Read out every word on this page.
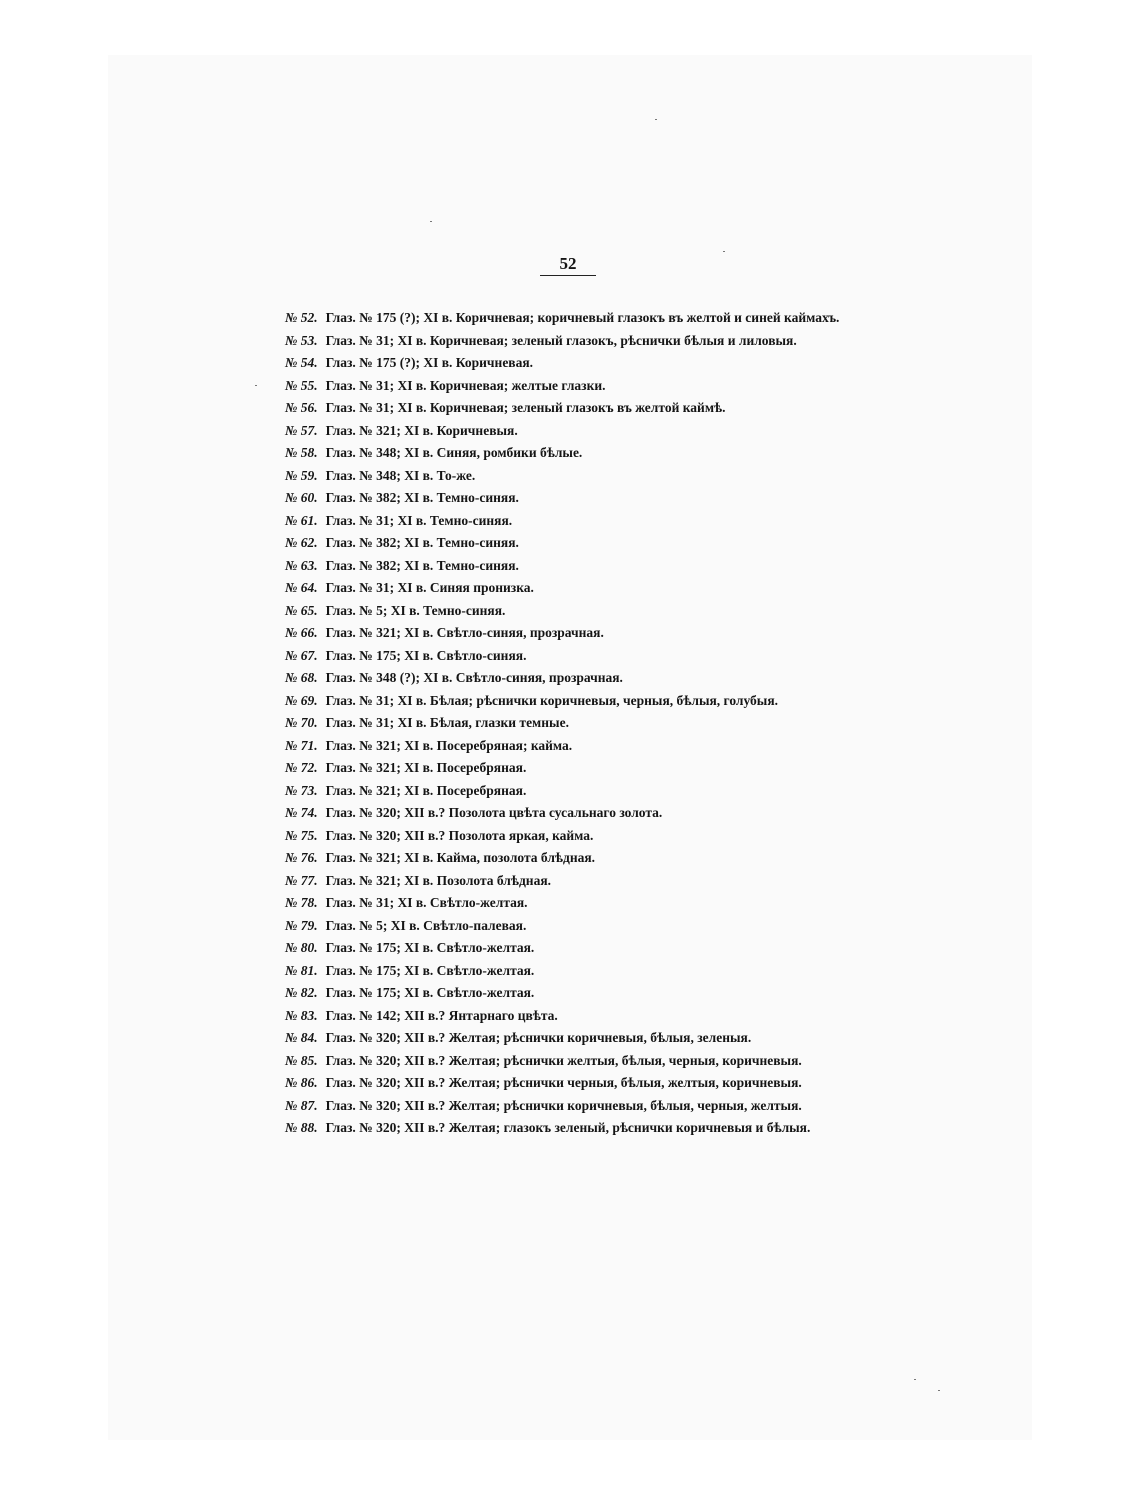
52
№ 52. Глаз. № 175 (?); XI в. Коричневая; коричневый глазокъ въ желтой и синей каймахъ.
№ 53. Глаз. № 31; XI в. Коричневая; зеленый глазокъ, рѣснички бѣлыя и лиловыя.
№ 54. Глаз. № 175 (?); XI в. Коричневая.
№ 55. Глаз. № 31; XI в. Коричневая; желтые глазки.
№ 56. Глаз. № 31; XI в. Коричневая; зеленый глазокъ въ желтой каймѣ.
№ 57. Глаз. № 321; XI в. Коричневыя.
№ 58. Глаз. № 348; XI в. Синяя, ромбики бѣлые.
№ 59. Глаз. № 348; XI в. То-же.
№ 60. Глаз. № 382; XI в. Темно-синяя.
№ 61. Глаз. № 31; XI в. Темно-синяя.
№ 62. Глаз. № 382; XI в. Темно-синяя.
№ 63. Глаз. № 382; XI в. Темно-синяя.
№ 64. Глаз. № 31; XI в. Синяя пронизка.
№ 65. Глаз. № 5; XI в. Темно-синяя.
№ 66. Глаз. № 321; XI в. Свѣтло-синяя, прозрачная.
№ 67. Глаз. № 175; XI в. Свѣтло-синяя.
№ 68. Глаз. № 348 (?); XI в. Свѣтло-синяя, прозрачная.
№ 69. Глаз. № 31; XI в. Бѣлая; рѣснички коричневыя, черныя, бѣлыя, голубыя.
№ 70. Глаз. № 31; XI в. Бѣлая, глазки темные.
№ 71. Глаз. № 321; XI в. Посеребряная; кайма.
№ 72. Глаз. № 321; XI в. Посеребряная.
№ 73. Глаз. № 321; XI в. Посеребряная.
№ 74. Глаз. № 320; XII в.? Позолота цвѣта сусальнаго золота.
№ 75. Глаз. № 320; XII в.? Позолота яркая, кайма.
№ 76. Глаз. № 321; XI в. Кайма, позолота блѣдная.
№ 77. Глаз. № 321; XI в. Позолота блѣдная.
№ 78. Глаз. № 31; XI в. Свѣтло-желтая.
№ 79. Глаз. № 5; XI в. Свѣтло-палевая.
№ 80. Глаз. № 175; XI в. Свѣтло-желтая.
№ 81. Глаз. № 175; XI в. Свѣтло-желтая.
№ 82. Глаз. № 175; XI в. Свѣтло-желтая.
№ 83. Глаз. № 142; XII в.? Янтарнаго цвѣта.
№ 84. Глаз. № 320; XII в.? Желтая; рѣснички коричневыя, бѣлыя, зеленыя.
№ 85. Глаз. № 320; XII в.? Желтая; рѣснички желтыя, бѣлыя, черныя, коричневыя.
№ 86. Глаз. № 320; XII в.? Желтая; рѣснички черныя, бѣлыя, желтыя, коричневыя.
№ 87. Глаз. № 320; XII в.? Желтая; рѣснички коричневыя, бѣлыя, черныя, желтыя.
№ 88. Глаз. № 320; XII в.? Желтая; глазокъ зеленый, рѣснички коричневыя и бѣлыя.
